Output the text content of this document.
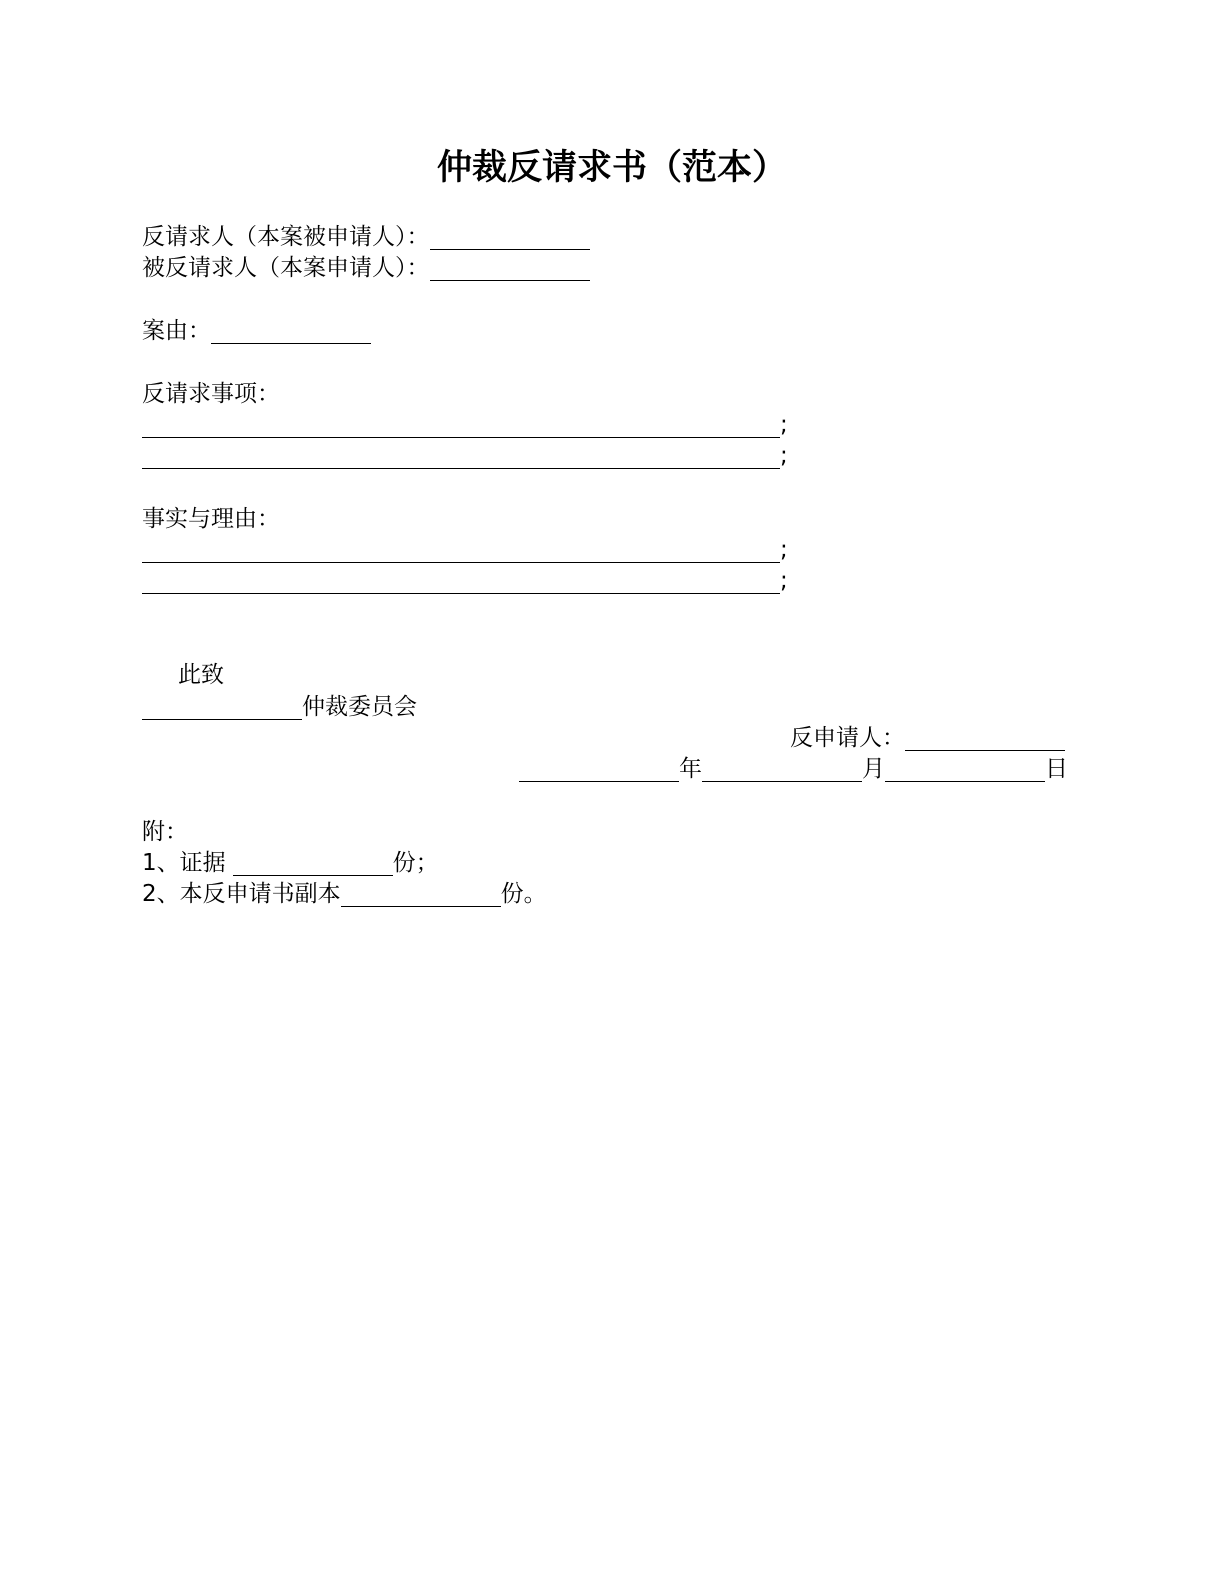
仲裁反请求书（范本）
反请求人（本案被申请人）：
被反请求人（本案申请人）：
案由：
反请求事项：
;
;
事实与理由：
;
;
此致
仲裁委员会
反申请人：
年	月	日
附：
1、证据	份；
2、本反申请书副本	份。
